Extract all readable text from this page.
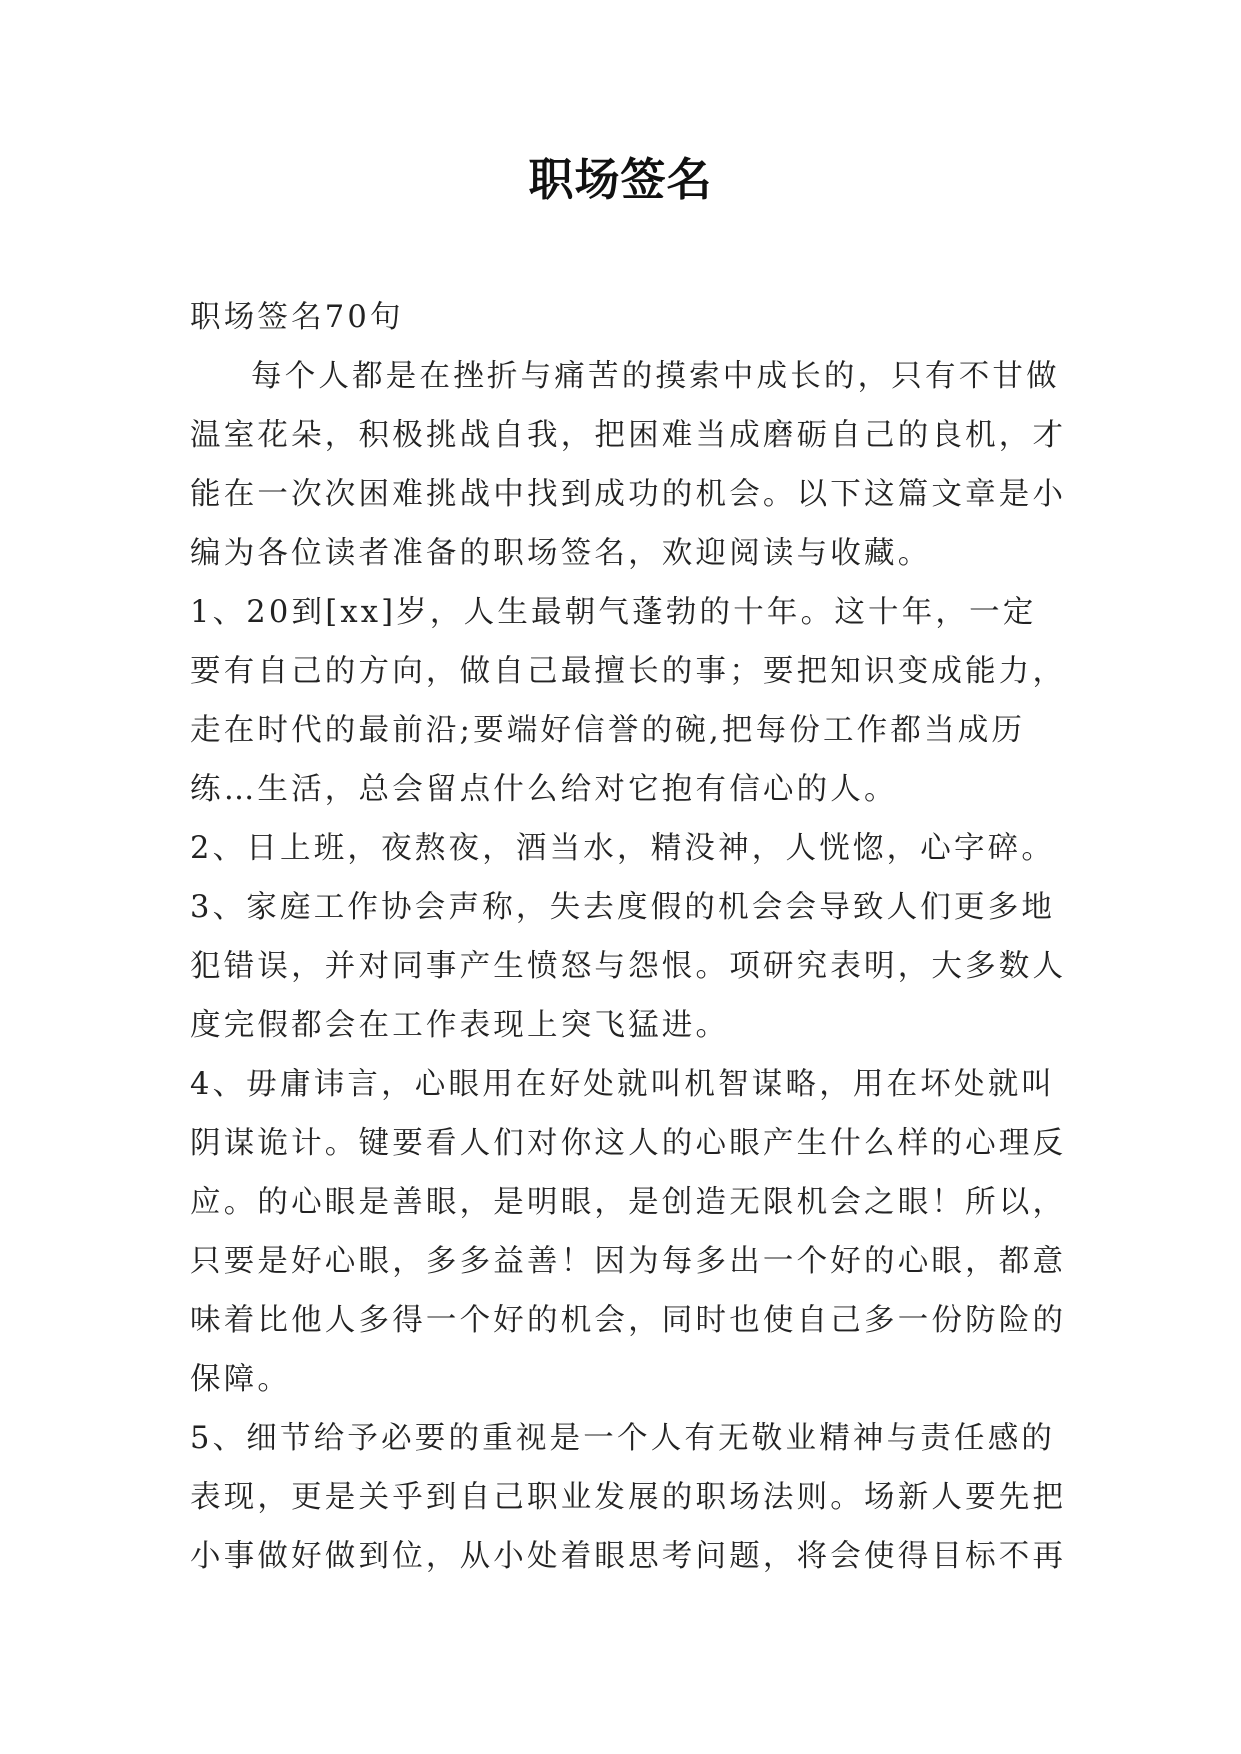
职场签名

职场签名70句

每个人都是在挫折与痛苦的摸索中成长的，只有不甘做温室花朵，积极挑战自我，把困难当成磨砺自己的良机，才能在一次次困难挑战中找到成功的机会。以下这篇文章是小编为各位读者准备的职场签名，欢迎阅读与收藏。

1、20到[xx]岁，人生最朝气蓬勃的十年。这十年，一定要有自己的方向，做自己最擅长的事；要把知识变成能力，走在时代的最前沿;要端好信誉的碗,把每份工作都当成历练…生活，总会留点什么给对它抱有信心的人。

2、日上班，夜熬夜，酒当水，精没神，人恍惚，心字碎。

3、家庭工作协会声称，失去度假的机会会导致人们更多地犯错误，并对同事产生愤怒与怨恨。项研究表明，大多数人度完假都会在工作表现上突飞猛进。

4、毋庸讳言，心眼用在好处就叫机智谋略，用在坏处就叫阴谋诡计。键要看人们对你这人的心眼产生什么样的心理反应。的心眼是善眼，是明眼，是创造无限机会之眼！所以，只要是好心眼，多多益善！因为每多出一个好的心眼，都意味着比他人多得一个好的机会，同时也使自己多一份防险的保障。

5、细节给予必要的重视是一个人有无敬业精神与责任感的表现，更是关乎到自己职业发展的职场法则。场新人要先把小事做好做到位，从小处着眼思考问题，将会使得目标不再
